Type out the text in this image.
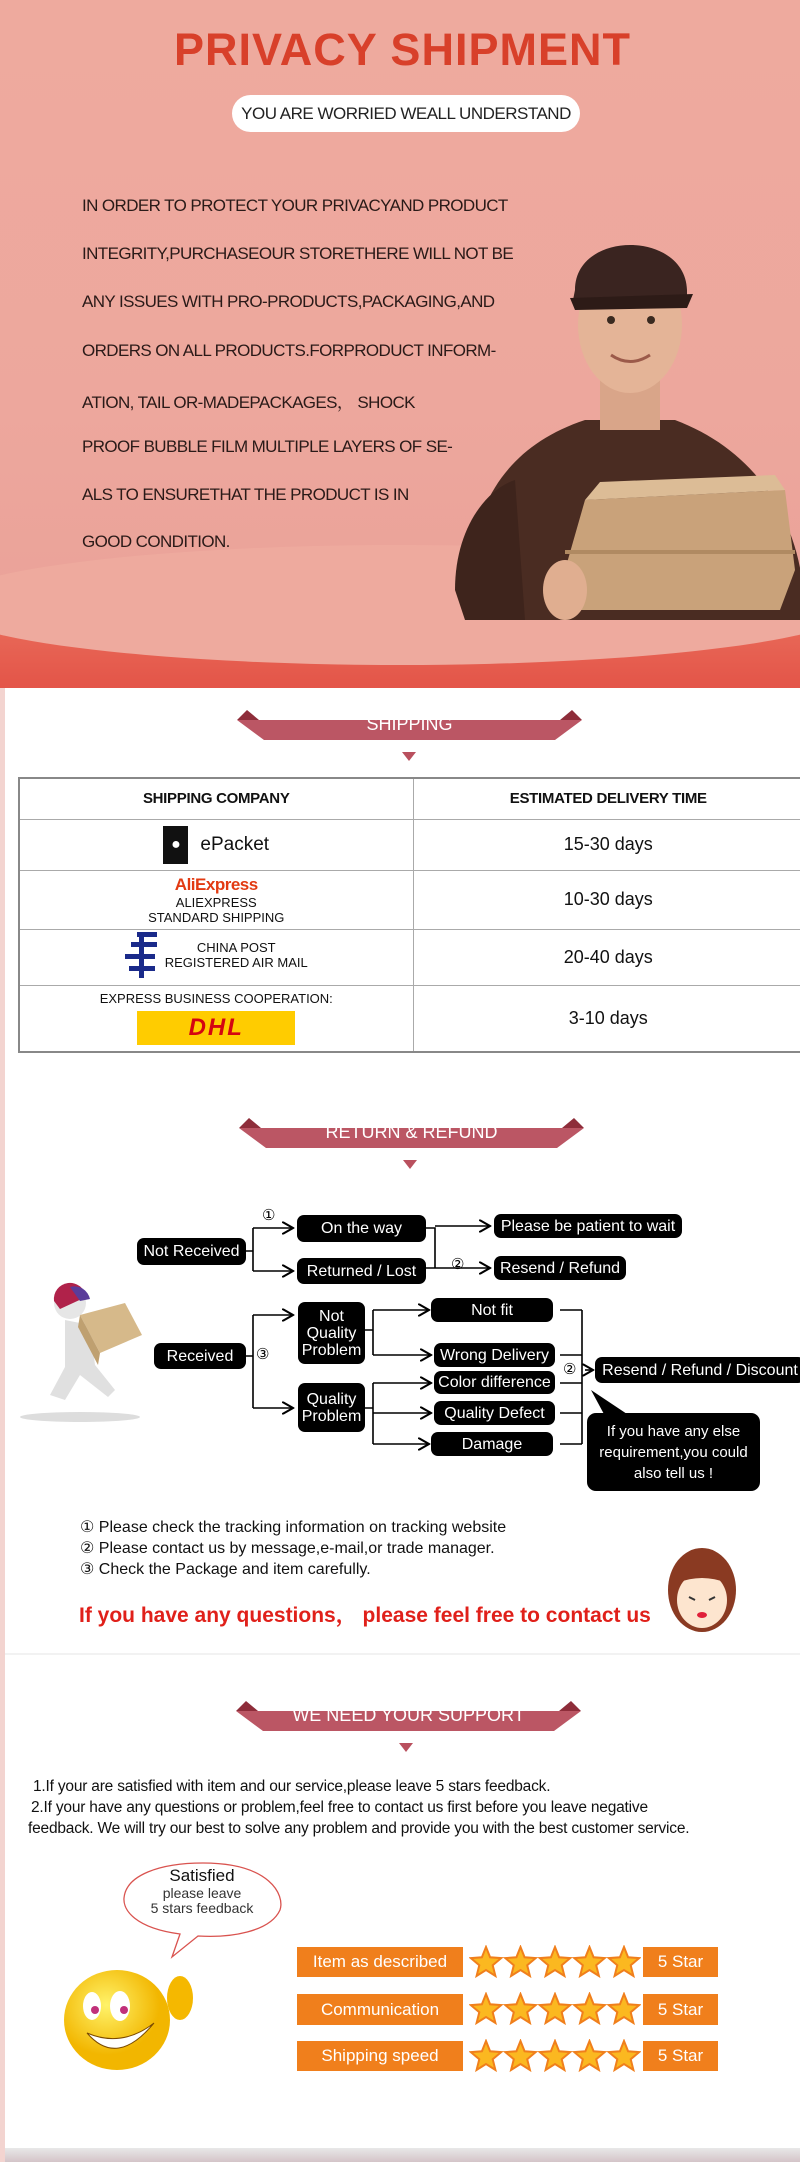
PRIVACY SHIPMENT
YOU ARE WORRIED WEALL UNDERSTAND
IN ORDER TO PROTECT YOUR PRIVACYAND PRODUCT
INTEGRITY,PURCHASEOUR STORETHERE WILL NOT BE
ANY ISSUES WITH PRO-PRODUCTS,PACKAGING,AND
ORDERS ON ALL PRODUCTS.FORPRODUCT INFORM-
ATION, TAIL OR-MADEPACKAGES， SHOCK
PROOF BUBBLE FILM MULTIPLE LAYERS OF SE-
ALS TO ENSURETHAT THE PRODUCT IS IN
GOOD CONDITION.
SHIPPING
SHIPPING COMPANY	ESTIMATED DELIVERY TIME
● ePacket	15-30 days

AliExpress
ALIEXPRESS
STANDARD SHIPPING	10-30 days

CHINA POST
REGISTERED AIR MAIL	20-40 days

EXPRESS BUSINESS COOPERATION:
DHL	3-10 days
RETURN & REFUND
Not Received
On the way
Returned / Lost
Please be patient to wait
Resend / Refund
Received
Not
Quality
Problem
Quality
Problem
Not fit
Wrong Delivery
Color difference
Quality Defect
Damage
Resend / Refund / Discount
If you have any else
requirement,you could
also tell us !
①
②
③
②
① Please check the tracking information on tracking website
② Please contact us by message,e-mail,or trade manager.
③ Check the Package and item carefully.
If you have any questions， please feel free to contact us
WE NEED YOUR SUPPORT
1.If your are satisfied with item and our service,please leave 5 stars feedback.
2.If your have any questions or problem,feel free to contact us first before you leave negative
feedback. We will try our best to solve any problem and provide you with the best customer service.
Satisfied
please leave
5 stars feedback
Item as described	5 Star
Communication	5 Star
Shipping speed	5 Star
